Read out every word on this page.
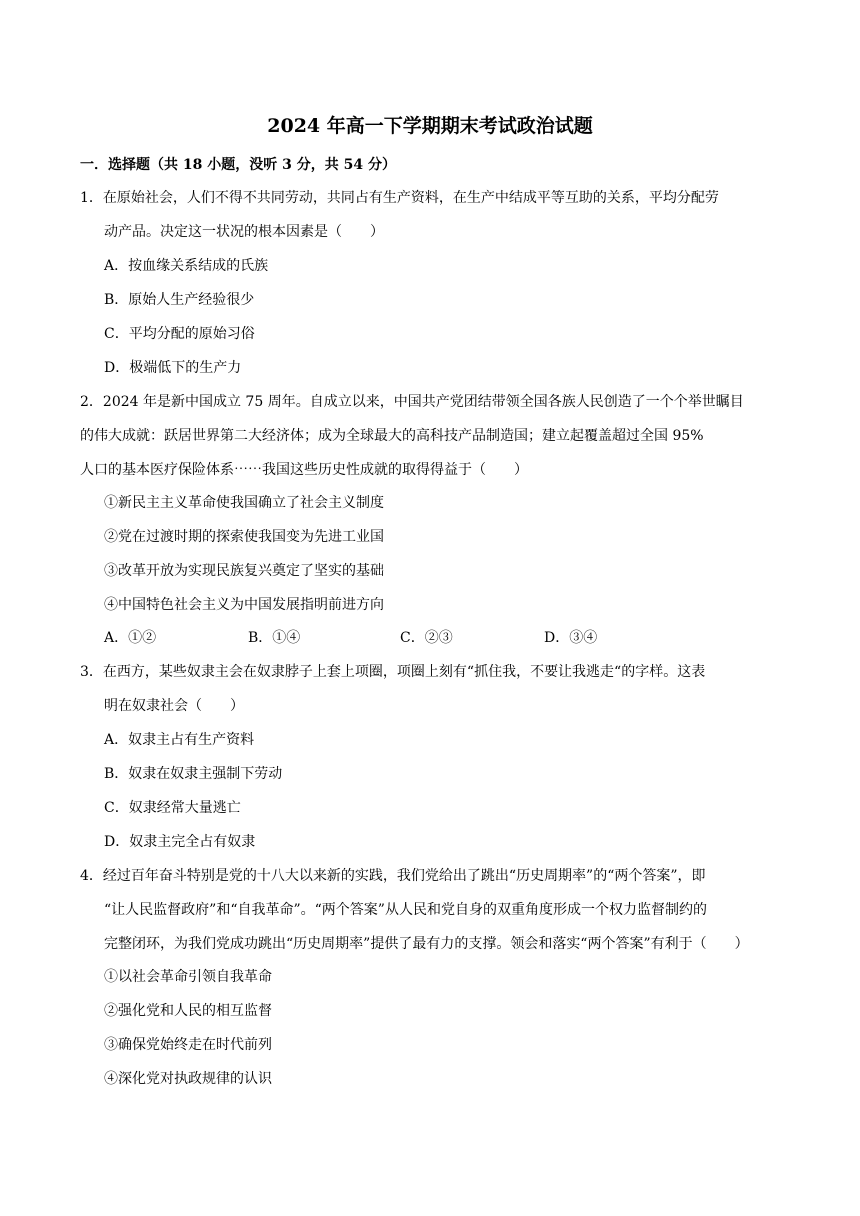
2024 年高一下学期期末考试政治试题
一．选择题（共 18 小题，没听 3 分，共 54 分）
1．在原始社会，人们不得不共同劳动，共同占有生产资料，在生产中结成平等互助的关系，平均分配劳
动产品。决定这一状况的根本因素是（　　）
A．按血缘关系结成的氏族
B．原始人生产经验很少
C．平均分配的原始习俗
D．极端低下的生产力
2．2024 年是新中国成立 75 周年。自成立以来，中国共产党团结带领全国各族人民创造了一个个举世瞩目
的伟大成就：跃居世界第二大经济体；成为全球最大的高科技产品制造国；建立起覆盖超过全国 95%
人口的基本医疗保险体系⋯⋯我国这些历史性成就的取得得益于（　　）
①新民主主义革命使我国确立了社会主义制度
②党在过渡时期的探索使我国变为先进工业国
③改革开放为实现民族复兴奠定了坚实的基础
④中国特色社会主义为中国发展指明前进方向
A．①②	B．①④	C．②③	D．③④
3．在西方，某些奴隶主会在奴隶脖子上套上项圈，项圈上刻有“抓住我，不要让我逃走“的字样。这表
明在奴隶社会（　　）
A．奴隶主占有生产资料
B．奴隶在奴隶主强制下劳动
C．奴隶经常大量逃亡
D．奴隶主完全占有奴隶
4．经过百年奋斗特别是党的十八大以来新的实践，我们党给出了跳出“历史周期率”的“两个答案”，即
“让人民监督政府”和“自我革命”。“两个答案”从人民和党自身的双重角度形成一个权力监督制约的
完整闭环，为我们党成功跳出“历史周期率”提供了最有力的支撑。领会和落实“两个答案”有利于（　　）
①以社会革命引领自我革命
②强化党和人民的相互监督
③确保党始终走在时代前列
④深化党对执政规律的认识
